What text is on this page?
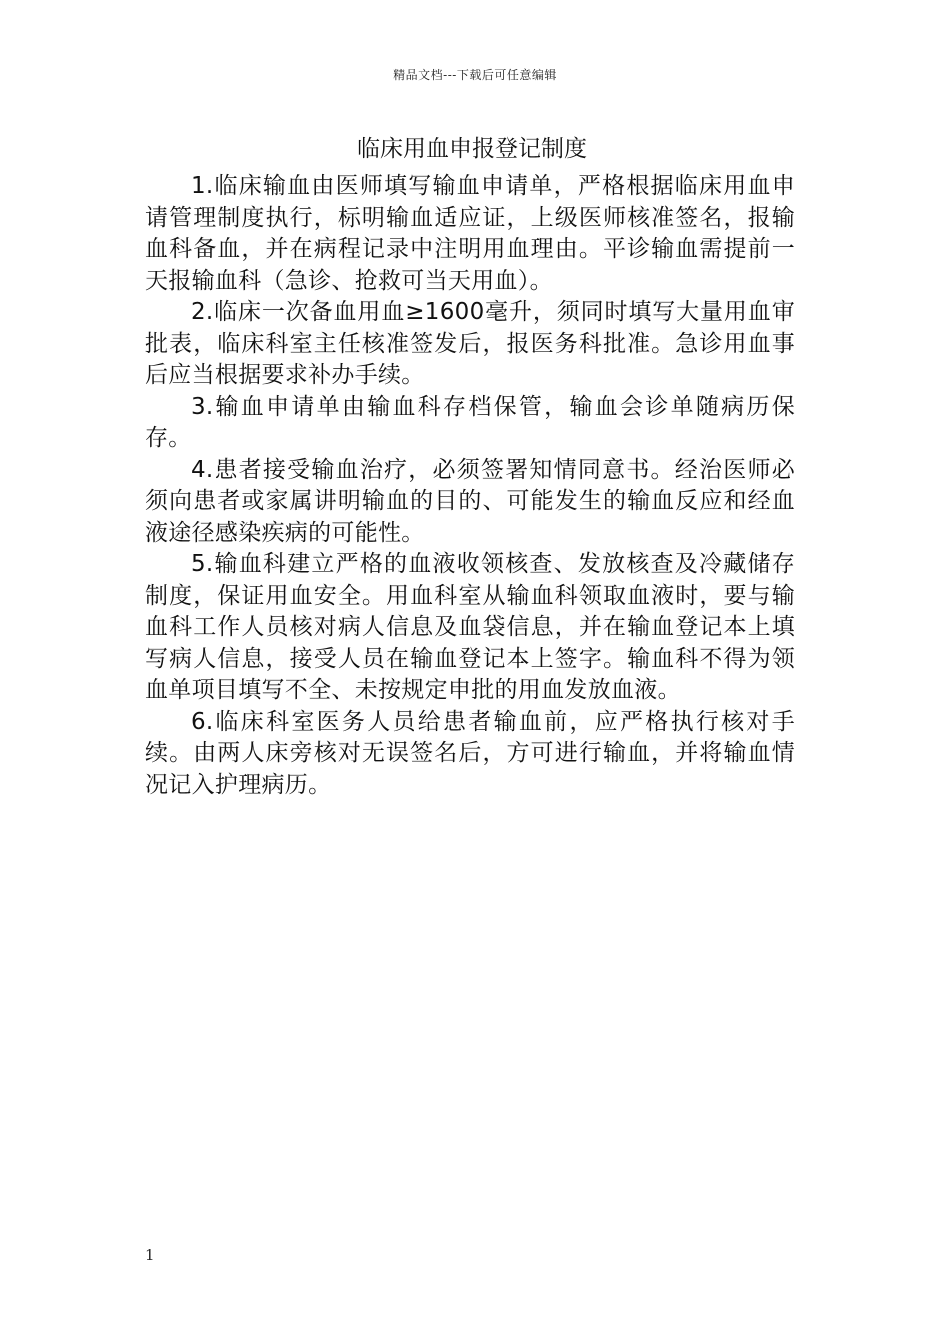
精品文档---下载后可任意编辑
临床用血申报登记制度

1.临床输血由医师填写输血申请单，严格根据临床用血申请管理制度执行，标明输血适应证，上级医师核准签名，报输血科备血，并在病程记录中注明用血理由。平诊输血需提前一天报输血科（急诊、抢救可当天用血）。

2.临床一次备血用血≥1600毫升，须同时填写大量用血审批表，临床科室主任核准签发后，报医务科批准。急诊用血事后应当根据要求补办手续。

3.输血申请单由输血科存档保管，输血会诊单随病历保存。

4.患者接受输血治疗，必须签署知情同意书。经治医师必须向患者或家属讲明输血的目的、可能发生的输血反应和经血液途径感染疾病的可能性。

5.输血科建立严格的血液收领核查、发放核查及冷藏储存制度，保证用血安全。用血科室从输血科领取血液时，要与输血科工作人员核对病人信息及血袋信息，并在输血登记本上填写病人信息，接受人员在输血登记本上签字。输血科不得为领血单项目填写不全、未按规定申批的用血发放血液。

6.临床科室医务人员给患者输血前，应严格执行核对手续。由两人床旁核对无误签名后，方可进行输血，并将输血情况记入护理病历。

1
